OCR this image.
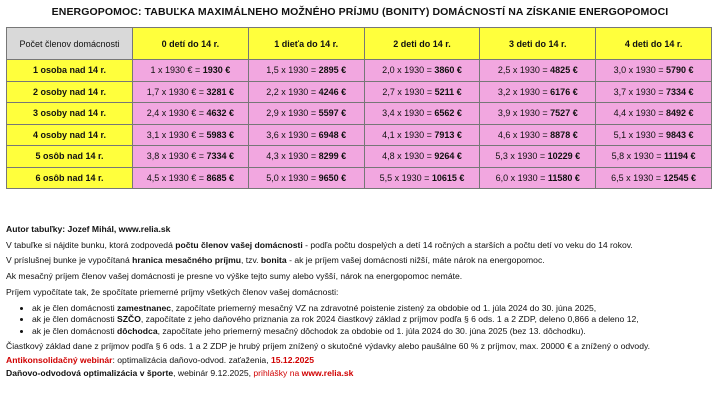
ENERGOPOMOC: TABUĽKA MAXIMÁLNEHO MOŽNÉHO PRÍJMU (BONITY) DOMÁCNOSTÍ NA ZÍSKANIE ENERGOPOMOCI
Počet členov domácnosti	0 detí do 14 r.	1 dieťa do 14 r.	2 deti do 14 r.	3 deti do 14 r.	4 deti do 14 r.
1 osoba nad 14 r.	1 x 1930 € = 1930 €	1,5 x 1930 = 2895 €	2,0 x 1930 = 3860 €	2,5 x 1930 = 4825 €	3,0 x 1930 = 5790 €
2 osoby nad 14 r.	1,7 x 1930 € = 3281 €	2,2 x 1930 = 4246 €	2,7 x 1930 = 5211 €	3,2 x 1930 = 6176 €	3,7 x 1930 = 7334 €
3 osoby nad 14 r.	2,4 x 1930 € = 4632 €	2,9 x 1930 = 5597 €	3,4 x 1930 = 6562 €	3,9 x 1930 = 7527 €	4,4 x 1930 = 8492 €
4 osoby nad 14 r.	3,1 x 1930 € = 5983 €	3,6 x 1930 = 6948 €	4,1 x 1930 = 7913 €	4,6 x 1930 = 8878 €	5,1 x 1930 = 9843 €
5 osôb nad 14 r.	3,8 x 1930 € = 7334 €	4,3 x 1930 = 8299 €	4,8 x 1930 = 9264 €	5,3 x 1930 = 10229 €	5,8 x 1930 = 11194 €
6 osôb nad 14 r.	4,5 x 1930 € = 8685 €	5,0 x 1930 = 9650 €	5,5 x 1930 = 10615 €	6,0 x 1930 = 11580 €	6,5 x 1930 = 12545 €

Autor tabuľky: Jozef Mihál, www.relia.sk

V tabuľke si nájdite bunku, ktorá zodpovedá počtu členov vašej domácnosti - podľa počtu dospelých a detí 14 ročných a starších a počtu detí vo veku do 14 rokov.

V príslušnej bunke je vypočítaná hranica mesačného príjmu, tzv. bonita - ak je príjem vašej domácnosti nižší, máte nárok na energopomoc.

Ak mesačný príjem členov vašej domácnosti je presne vo výške tejto sumy alebo vyšší, nárok na energopomoc nemáte.

Príjem vypočítate tak, že spočítate priemerné príjmy všetkých členov vašej domácnosti:

• ak je člen domácnosti zamestnanec, započítate priemerný mesačný VZ na zdravotné poistenie zistený za obdobie od 1. júla 2024 do 30. júna 2025,
• ak je člen domácnosti SZČO, započítate z jeho daňového priznania za rok 2024 čiastkový základ z príjmov podľa § 6 ods. 1 a 2 ZDP, deleno 0,866 a deleno 12,
• ak je člen domácnosti dôchodca, započítate jeho priemerný mesačný dôchodok za obdobie od 1. júla 2024 do 30. júna 2025 (bez 13. dôchodku).

Čiastkový základ dane z príjmov podľa § 6 ods. 1 a 2 ZDP je hrubý príjem znížený o skutočné výdavky alebo paušálne 60 % z príjmov, max. 20000 € a znížený o odvody.

Antikonsolidačný webinár: optimalizácia daňovo-odvod. zaťaženia, 15.12.2025

Daňovo-odvodová optimalizácia v športe, webinár 9.12.2025, prihlášky na www.relia.sk
